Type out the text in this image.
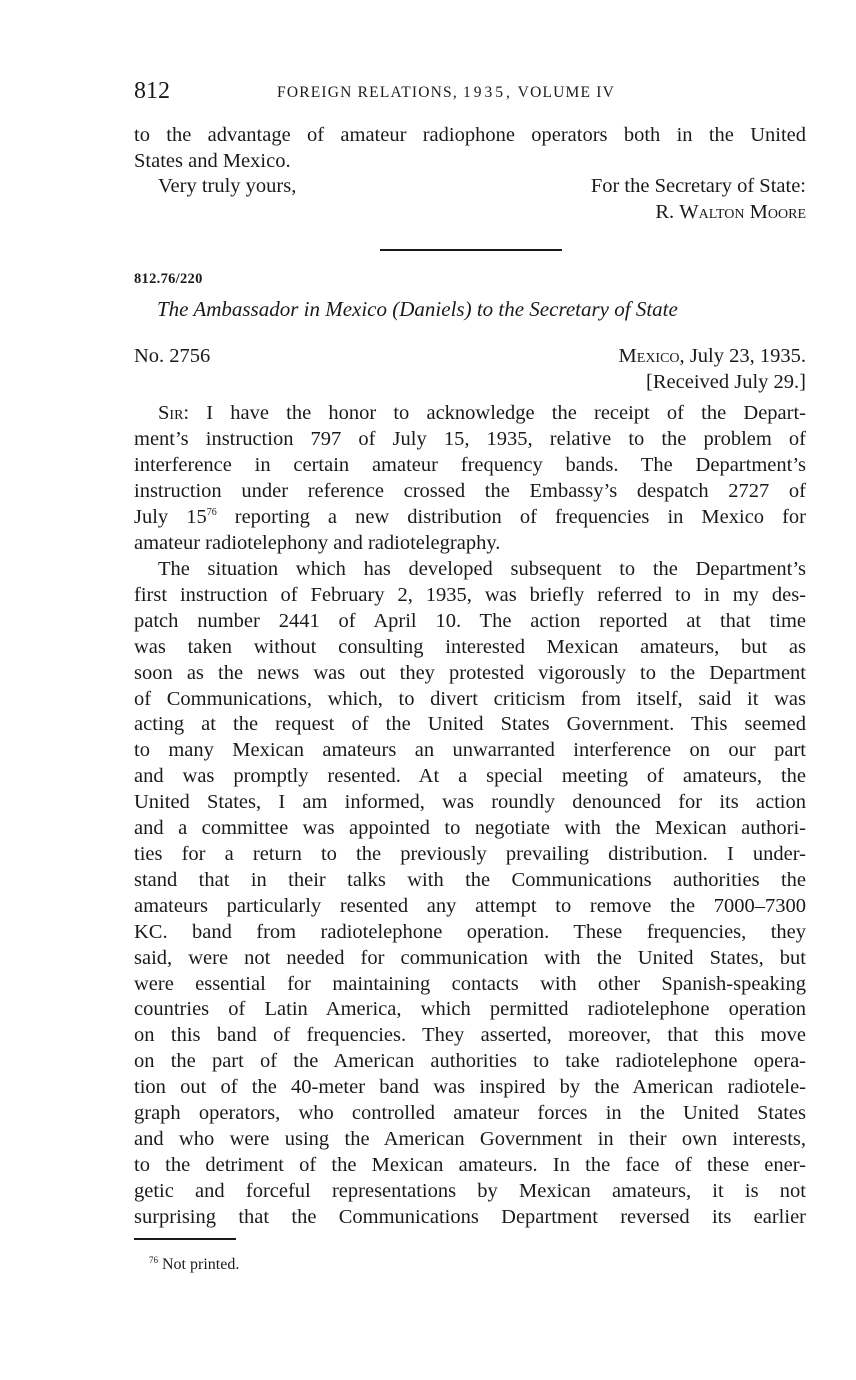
812	FOREIGN RELATIONS, 1935, VOLUME IV
to the advantage of amateur radiophone operators both in the United
States and Mexico.
Very truly yours,	For the Secretary of State:
R. Walton Moore
812.76/220
The Ambassador in Mexico (Daniels) to the Secretary of State
No. 2756	Mexico, July 23, 1935.
[Received July 29.]
Sir: I have the honor to acknowledge the receipt of the Depart-
ment’s instruction 797 of July 15, 1935, relative to the problem of
interference in certain amateur frequency bands. The Department’s
instruction under reference crossed the Embassy’s despatch 2727 of
July $15^{76}$ reporting a new distribution of frequencies in Mexico for
amateur radiotelephony and radiotelegraphy.
The situation which has developed subsequent to the Department’s
first instruction of February 2, 1935, was briefly referred to in my des-
patch number 2441 of April 10. The action reported at that time
was taken without consulting interested Mexican amateurs, but as
soon as the news was out they protested vigorously to the Department
of Communications, which, to divert criticism from itself, said it was
acting at the request of the United States Government. This seemed
to many Mexican amateurs an unwarranted interference on our part
and was promptly resented. At a special meeting of amateurs, the
United States, I am informed, was roundly denounced for its action
and a committee was appointed to negotiate with the Mexican authori-
ties for a return to the previously prevailing distribution. I under-
stand that in their talks with the Communications authorities the
amateurs particularly resented any attempt to remove the 7000–7300
KC. band from radiotelephone operation. These frequencies, they
said, were not needed for communication with the United States, but
were essential for maintaining contacts with other Spanish-speaking
countries of Latin America, which permitted radiotelephone operation
on this band of frequencies. They asserted, moreover, that this move
on the part of the American authorities to take radiotelephone opera-
tion out of the 40-meter band was inspired by the American radiotele-
graph operators, who controlled amateur forces in the United States
and who were using the American Government in their own interests,
to the detriment of the Mexican amateurs. In the face of these ener-
getic and forceful representations by Mexican amateurs, it is not
surprising that the Communications Department reversed its earlier
$^{76}$ Not printed.
